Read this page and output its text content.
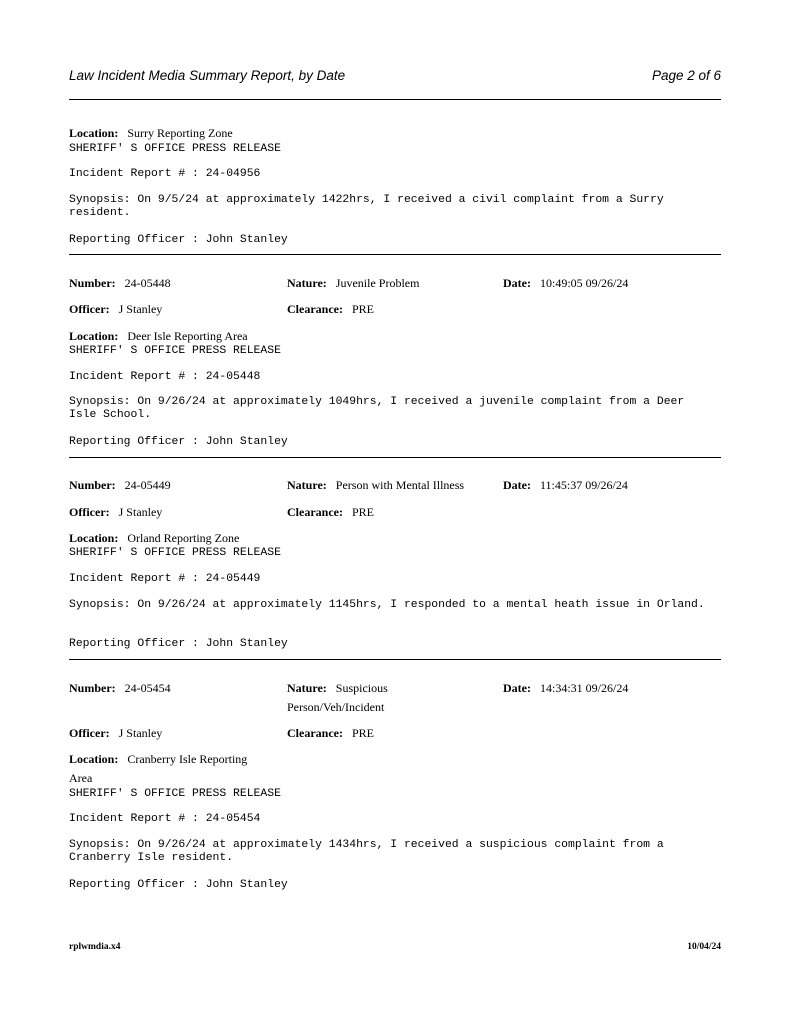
Law Incident Media Summary Report, by Date	Page 2 of 6
Location: Surry Reporting Zone
SHERIFF' S OFFICE PRESS RELEASE
Incident Report # : 24-04956
Synopsis: On 9/5/24 at approximately 1422hrs, I received a civil complaint from a Surry
resident.
Reporting Officer : John Stanley
Number: 24-05448	Nature: Juvenile Problem	Date: 10:49:05 09/26/24
Officer: J Stanley	Clearance: PRE
Location: Deer Isle Reporting Area
SHERIFF' S OFFICE PRESS RELEASE
Incident Report # : 24-05448
Synopsis: On 9/26/24 at approximately 1049hrs, I received a juvenile complaint from a Deer
Isle School.
Reporting Officer : John Stanley
Number: 24-05449	Nature: Person with Mental Illness	Date: 11:45:37 09/26/24
Officer: J Stanley	Clearance: PRE
Location: Orland Reporting Zone
SHERIFF' S OFFICE PRESS RELEASE
Incident Report # : 24-05449
Synopsis: On 9/26/24 at approximately 1145hrs, I responded to a mental heath issue in Orland.
Reporting Officer : John Stanley
Number: 24-05454	Nature: Suspicious
Person/Veh/Incident
Date: 14:34:31 09/26/24
Officer: J Stanley	Clearance: PRE
Location: Cranberry Isle Reporting
Area
SHERIFF' S OFFICE PRESS RELEASE
Incident Report # : 24-05454
Synopsis: On 9/26/24 at approximately 1434hrs, I received a suspicious complaint from a
Cranberry Isle resident.
Reporting Officer : John Stanley
rplwmdia.x4	10/04/24
